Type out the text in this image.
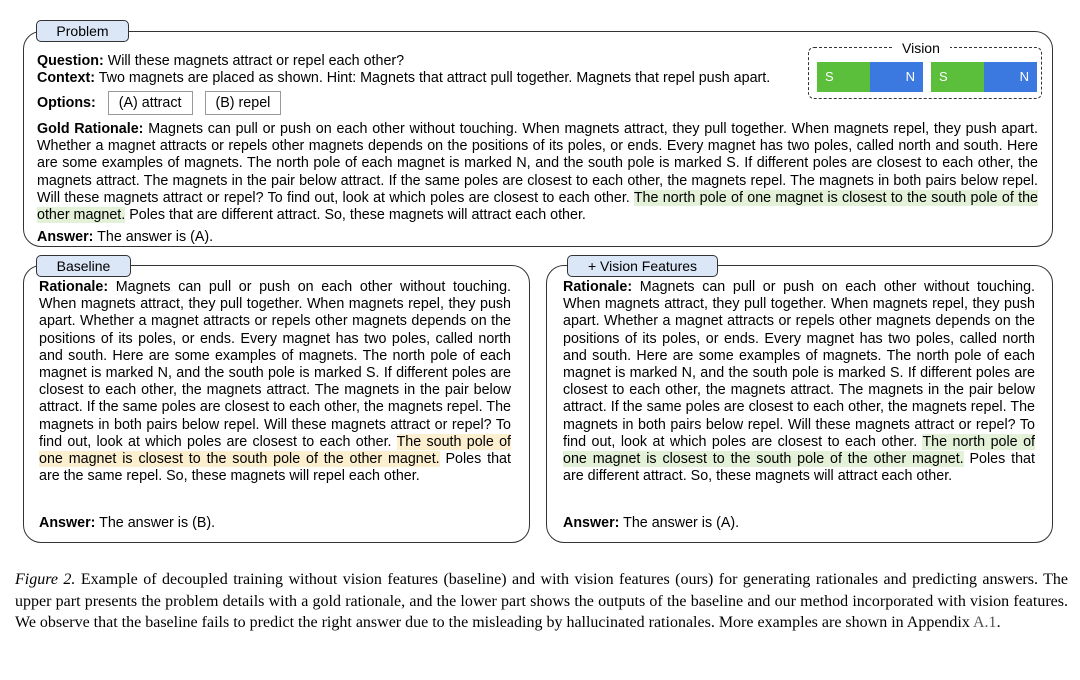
Problem
Question: Will these magnets attract or repel each other?
Context: Two magnets are placed as shown. Hint: Magnets that attract pull together. Magnets that repel push apart.
Options: (A) attract (B) repel
Vision
S	N	S	N
Gold Rationale: Magnets can pull or push on each other without touching. When magnets attract, they pull together. When magnets repel, they push apart. Whether a magnet attracts or repels other magnets depends on the positions of its poles, or ends. Every magnet has two poles, called north and south. Here are some examples of magnets. The north pole of each magnet is marked N, and the south pole is marked S. If different poles are closest to each other, the magnets attract. The magnets in the pair below attract. If the same poles are closest to each other, the magnets repel. The magnets in both pairs below repel. Will these magnets attract or repel? To find out, look at which poles are closest to each other. The north pole of one magnet is closest to the south pole of the other magnet. Poles that are different attract. So, these magnets will attract each other.
Answer: The answer is (A).
Baseline
Rationale: Magnets can pull or push on each other without touching. When magnets attract, they pull together. When magnets repel, they push apart. Whether a magnet attracts or repels other magnets depends on the positions of its poles, or ends. Every magnet has two poles, called north and south. Here are some examples of magnets. The north pole of each magnet is marked N, and the south pole is marked S. If different poles are closest to each other, the magnets attract. The magnets in the pair below attract. If the same poles are closest to each other, the magnets repel. The magnets in both pairs below repel. Will these magnets attract or repel? To find out, look at which poles are closest to each other. The south pole of one magnet is closest to the south pole of the other magnet. Poles that are the same repel. So, these magnets will repel each other.
Answer: The answer is (B).
+ Vision Features
Rationale: Magnets can pull or push on each other without touching. When magnets attract, they pull together. When magnets repel, they push apart. Whether a magnet attracts or repels other magnets depends on the positions of its poles, or ends. Every magnet has two poles, called north and south. Here are some examples of magnets. The north pole of each magnet is marked N, and the south pole is marked S. If different poles are closest to each other, the magnets attract. The magnets in the pair below attract. If the same poles are closest to each other, the magnets repel. The magnets in both pairs below repel. Will these magnets attract or repel? To find out, look at which poles are closest to each other. The north pole of one magnet is closest to the south pole of the other magnet. Poles that are different attract. So, these magnets will attract each other.
Answer: The answer is (A).
Figure 2. Example of decoupled training without vision features (baseline) and with vision features (ours) for generating rationales and predicting answers. The upper part presents the problem details with a gold rationale, and the lower part shows the outputs of the baseline and our method incorporated with vision features. We observe that the baseline fails to predict the right answer due to the misleading by hallucinated rationales. More examples are shown in Appendix A.1.
